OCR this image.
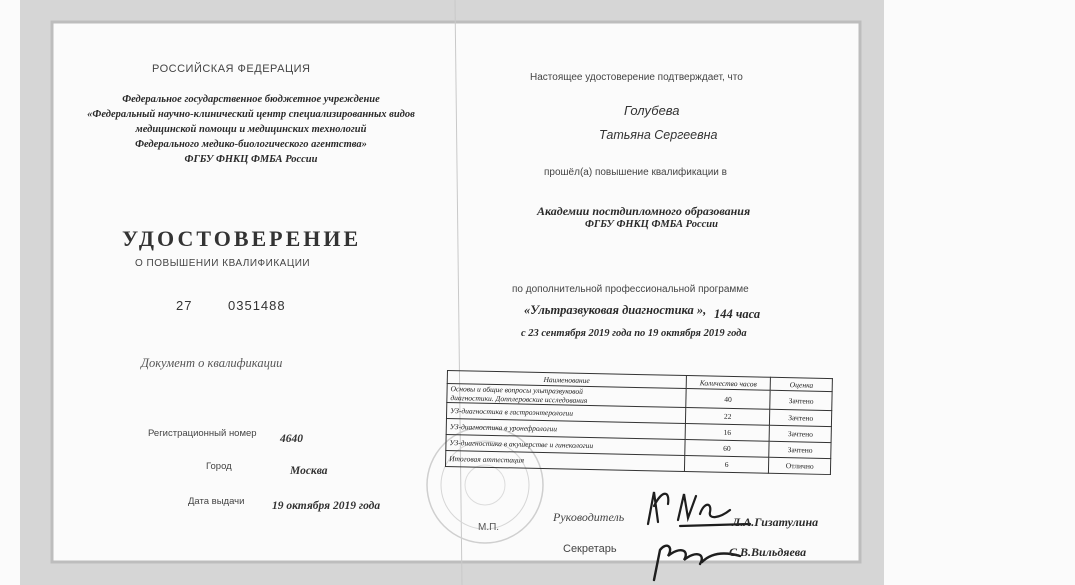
РОССИЙСКАЯ ФЕДЕРАЦИЯ
Федеральное государственное бюджетное учреждение
«Федеральный научно-клинический центр специализированных видов
медицинской помощи и медицинских технологий
Федерального медико-биологического агентства»
ФГБУ ФНКЦ ФМБА России
УДОСТОВЕРЕНИЕ
О ПОВЫШЕНИИ КВАЛИФИКАЦИИ
27	0351488
Документ о квалификации
Регистрационный номер 4640
Город	Москва
Дата выдачи 19 октября 2019 года
Настоящее удостоверение подтверждает, что
Голубева
Татьяна Сергеевна
прошёл(а) повышение квалификации в
Академии постдипломного образования
ФГБУ ФНКЦ ФМБА России
по дополнительной профессиональной программе
«Ультразвуковая диагностика », 144 часа
с 23 сентября 2019 года по 19 октября 2019 года
Наименование	Количество часов	Оценка

Основы и общие вопросы ультразвуковой
диагностики. Допплеровские исследования	40	Зачтено
УЗ-диагностика в гастроэнтерологии	22	Зачтено
УЗ-диагностика в уронефрологии	16	Зачтено
УЗ-диагностика в акушерстве и гинекологии	60	Зачтено
Итоговая аттестация	6	Отлично
М.П.
Руководитель	Л.А.Гизатулина
Секретарь	С.В.Вильдяева
